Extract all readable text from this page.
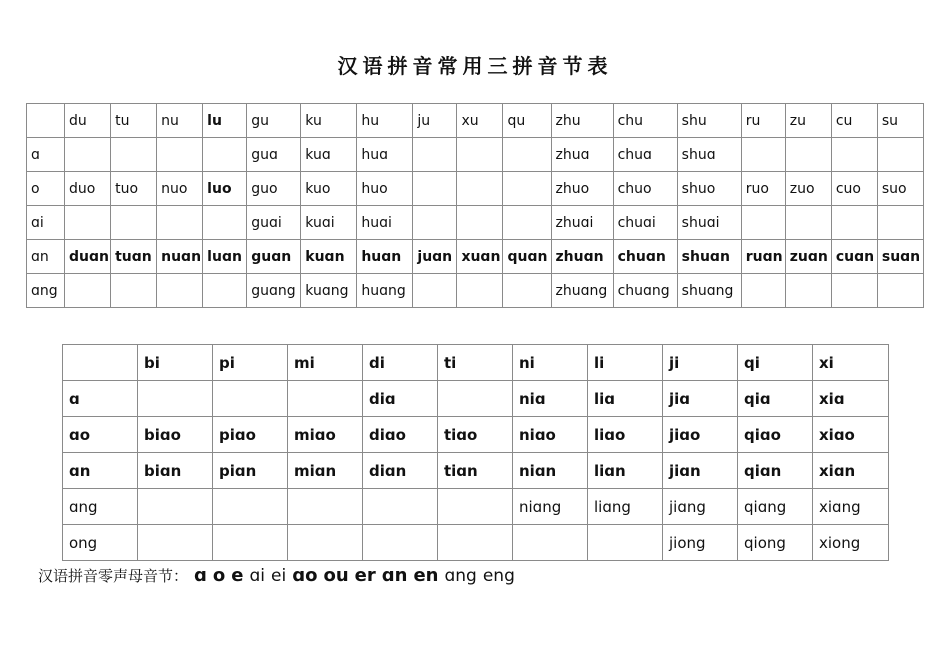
汉语拼音常用三拼音节表
	du	tu	nu	lu	gu	ku	hu	ju	xu	qu	zhu	chu	shu	ru	zu	cu	su
ɑ					guɑ	kuɑ	huɑ				zhuɑ	chuɑ	shuɑ				
o	duo	tuo	nuo	luo	guo	kuo	huo				zhuo	chuo	shuo	ruo	zuo	cuo	suo
ɑi					guɑi	kuɑi	huɑi				zhuɑi	chuɑi	shuɑi				
ɑn	duɑn	tuɑn	nuɑn	luɑn	guɑn	kuɑn	huɑn	juɑn	xuɑn	quɑn	zhuɑn	chuɑn	shuɑn	ruɑn	zuɑn	cuɑn	suɑn
ɑng					guɑng	kuɑng	huɑng				zhuɑng	chuɑng	shuɑng				
	bi	pi	mi	di	ti	ni	li	ji	qi	xi
ɑ				diɑ		niɑ	liɑ	jiɑ	qiɑ	xiɑ
ɑo	biɑo	piɑo	miɑo	diɑo	tiɑo	niɑo	liɑo	jiɑo	qiɑo	xiɑo
ɑn	biɑn	piɑn	miɑn	diɑn	tiɑn	niɑn	liɑn	jiɑn	qiɑn	xiɑn
ɑng						niɑng	liɑng	jiɑng	qiɑng	xiɑng
ong								jiong	qiong	xiong
汉语拼音零声母音节： ɑ o e ɑi ei ɑo ou er ɑn en ɑng eng
